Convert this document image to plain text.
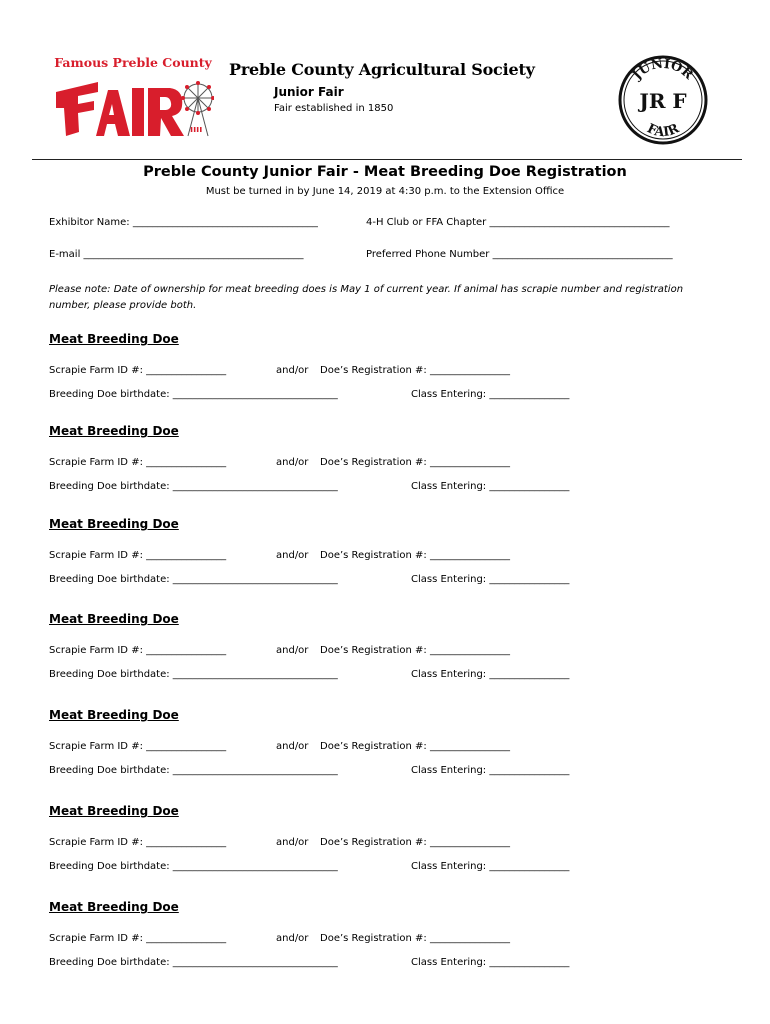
Famous Preble County
ıııı
Preble County Agricultural Society
Junior Fair
Fair established in 1850
JUNIOR
FAIR
JR F
Preble County Junior Fair - Meat Breeding Doe Registration
Must be turned in by June 14, 2019 at 4:30 p.m. to the Extension Office
Exhibitor Name: _____________________________________	4-H Club or FFA Chapter ____________________________________
E-mail ____________________________________________	Preferred Phone Number ____________________________________
Please note: Date of ownership for meat breeding does is May 1 of current year. If animal has scrapie number and registration number, please provide both.
Meat Breeding Doe
Scrapie Farm ID #: ________________	and/or Doe’s Registration #: ________________
Breeding Doe birthdate: _________________________________	Class Entering: ________________
Meat Breeding Doe
Scrapie Farm ID #: ________________	and/or Doe’s Registration #: ________________
Breeding Doe birthdate: _________________________________	Class Entering: ________________
Meat Breeding Doe
Scrapie Farm ID #: ________________	and/or Doe’s Registration #: ________________
Breeding Doe birthdate: _________________________________	Class Entering: ________________
Meat Breeding Doe
Scrapie Farm ID #: ________________	and/or Doe’s Registration #: ________________
Breeding Doe birthdate: _________________________________	Class Entering: ________________
Meat Breeding Doe
Scrapie Farm ID #: ________________	and/or Doe’s Registration #: ________________
Breeding Doe birthdate: _________________________________	Class Entering: ________________
Meat Breeding Doe
Scrapie Farm ID #: ________________	and/or Doe’s Registration #: ________________
Breeding Doe birthdate: _________________________________	Class Entering: ________________
Meat Breeding Doe
Scrapie Farm ID #: ________________	and/or Doe’s Registration #: ________________
Breeding Doe birthdate: _________________________________	Class Entering: ________________
